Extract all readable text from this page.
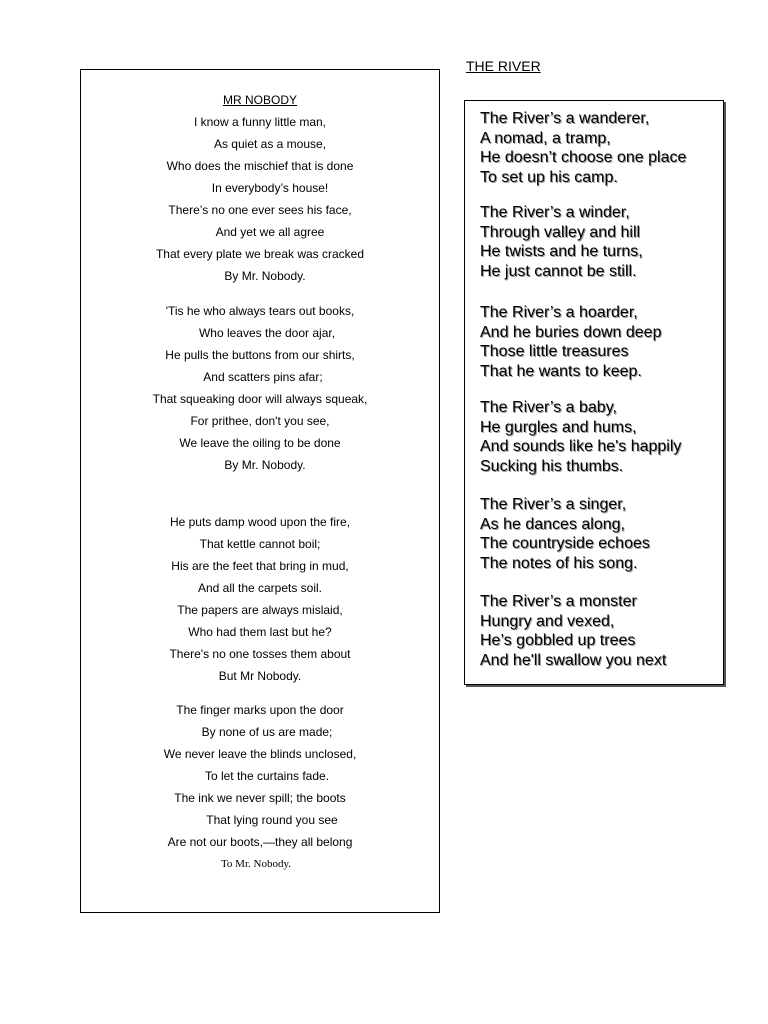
MR NOBODY
I know a funny little man,
As quiet as a mouse,
Who does the mischief that is done
In everybody’s house!
There’s no one ever sees his face,
And yet we all agree
That every plate we break was cracked
By Mr. Nobody.
'Tis he who always tears out books,
Who leaves the door ajar,
He pulls the buttons from our shirts,
And scatters pins afar;
That squeaking door will always squeak,
For prithee, don't you see,
We leave the oiling to be done
By Mr. Nobody.
He puts damp wood upon the fire,
That kettle cannot boil;
His are the feet that bring in mud,
And all the carpets soil.
The papers are always mislaid,
Who had them last but he?
There's no one tosses them about
But Mr Nobody.
The finger marks upon the door
By none of us are made;
We never leave the blinds unclosed,
To let the curtains fade.
The ink we never spill; the boots
That lying round you see
Are not our boots,—they all belong
To Mr. Nobody.
THE RIVER
The River’s a wanderer,
A nomad, a tramp,
He doesn’t choose one place
To set up his camp.
The River’s a winder,
Through valley and hill
He twists and he turns,
He just cannot be still.
The River’s a hoarder,
And he buries down deep
Those little treasures
That he wants to keep.
The River’s a baby,
He gurgles and hums,
And sounds like he's happily
Sucking his thumbs.
The River’s a singer,
As he dances along,
The countryside echoes
The notes of his song.
The River’s a monster
Hungry and vexed,
He’s gobbled up trees
And he'll swallow you next
